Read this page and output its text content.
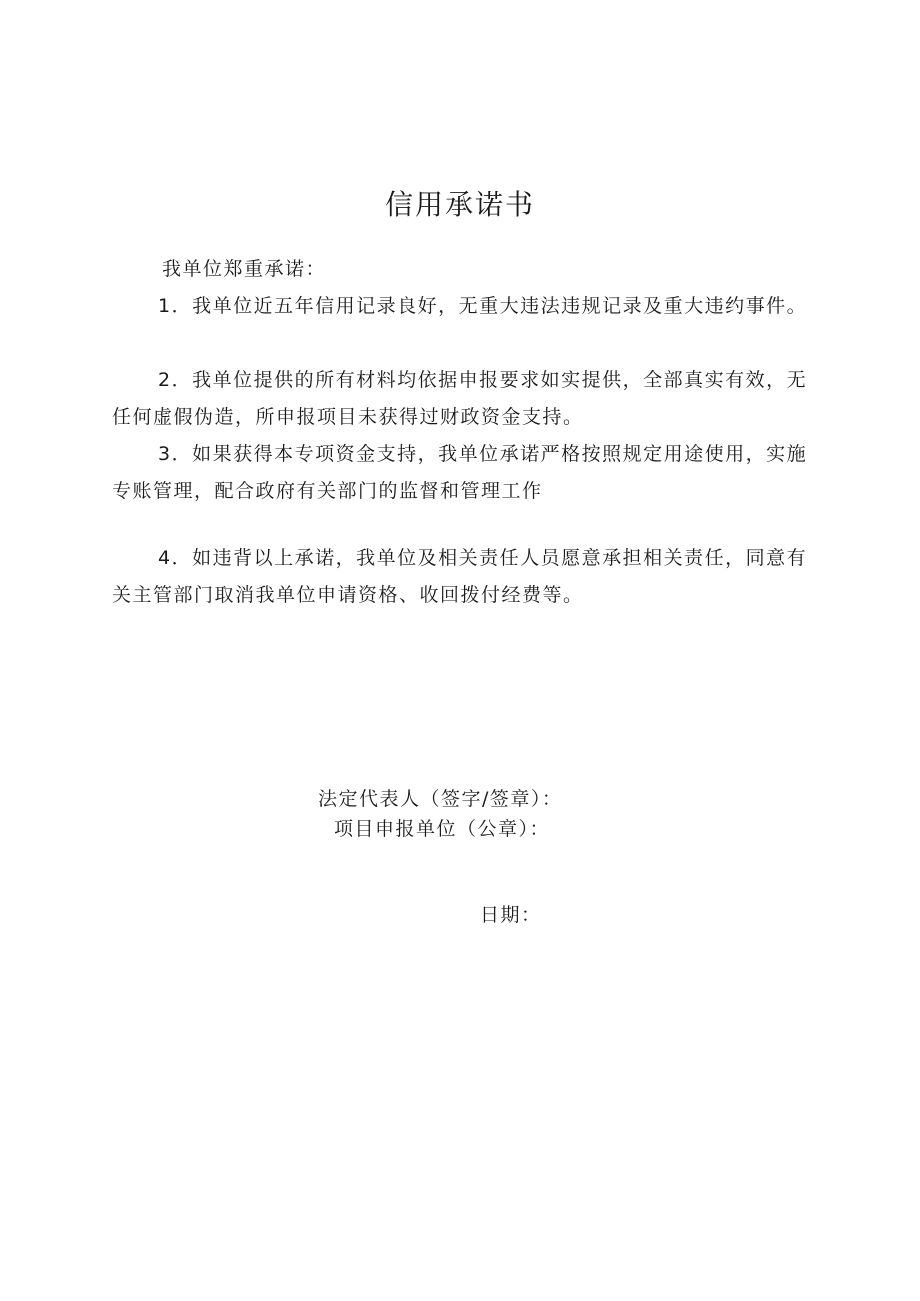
信用承诺书

我单位郑重承诺：

1．我单位近五年信用记录良好，无重大违法违规记录及重大违约事件。

2．我单位提供的所有材料均依据申报要求如实提供，全部真实有效，无任何虚假伪造，所申报项目未获得过财政资金支持。

3．如果获得本专项资金支持，我单位承诺严格按照规定用途使用，实施专账管理，配合政府有关部门的监督和管理工作

4．如违背以上承诺，我单位及相关责任人员愿意承担相关责任，同意有关主管部门取消我单位申请资格、收回拨付经费等。

法定代表人（签字/签章）：

项目申报单位（公章）：

日期：
